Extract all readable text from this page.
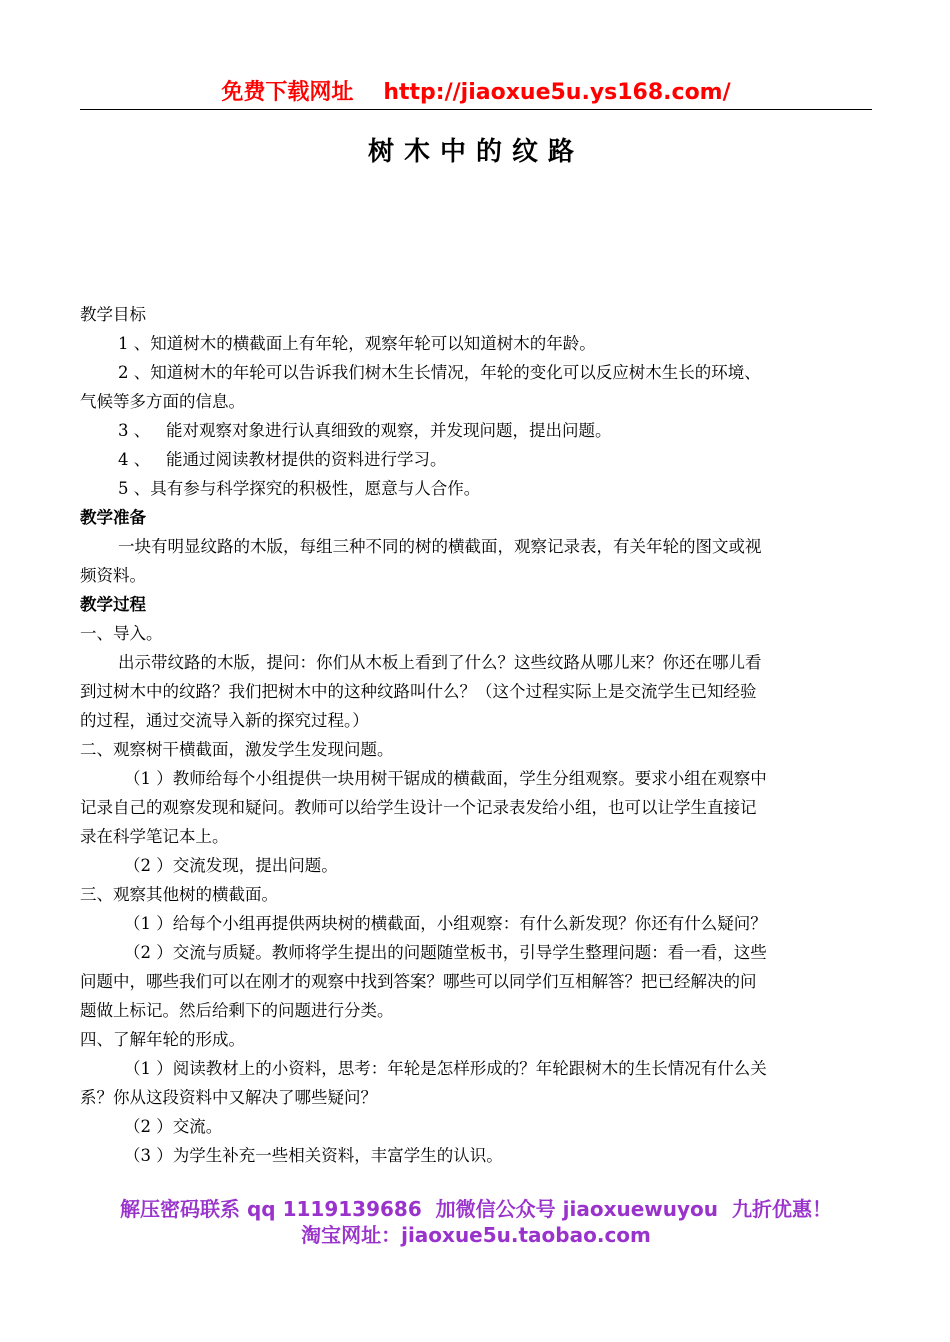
免费下载网址 http://jiaoxue5u.ys168.com/
树木中的纹路
教学目标
1 、知道树木的横截面上有年轮，观察年轮可以知道树木的年龄。
2 、知道树木的年轮可以告诉我们树木生长情况，年轮的变化可以反应树木生长的环境、
气候等多方面的信息。
3 、   能对观察对象进行认真细致的观察，并发现问题，提出问题。
4 、   能通过阅读教材提供的资料进行学习。
5 、具有参与科学探究的积极性，愿意与人合作。
教学准备
一块有明显纹路的木版，每组三种不同的树的横截面，观察记录表，有关年轮的图文或视
频资料。
教学过程
一、导入。
出示带纹路的木版，提问：你们从木板上看到了什么？这些纹路从哪儿来？你还在哪儿看
到过树木中的纹路？我们把树木中的这种纹路叫什么？（这个过程实际上是交流学生已知经验
的过程，通过交流导入新的探究过程。）
二、观察树干横截面，激发学生发现问题。
（1 ）教师给每个小组提供一块用树干锯成的横截面，学生分组观察。要求小组在观察中
记录自己的观察发现和疑问。教师可以给学生设计一个记录表发给小组，也可以让学生直接记
录在科学笔记本上。
（2 ）交流发现，提出问题。
三、观察其他树的横截面。
（1 ）给每个小组再提供两块树的横截面，小组观察：有什么新发现？你还有什么疑问？
（2 ）交流与质疑。教师将学生提出的问题随堂板书，引导学生整理问题：看一看，这些
问题中，哪些我们可以在刚才的观察中找到答案？哪些可以同学们互相解答？把已经解决的问
题做上标记。然后给剩下的问题进行分类。
四、了解年轮的形成。
（1 ）阅读教材上的小资料，思考：年轮是怎样形成的？年轮跟树木的生长情况有什么关
系？你从这段资料中又解决了哪些疑问？
（2 ）交流。
（3 ）为学生补充一些相关资料，丰富学生的认识。
解压密码联系 qq 1119139686  加微信公众号 jiaoxuewuyou  九折优惠！
淘宝网址：jiaoxue5u.taobao.com
